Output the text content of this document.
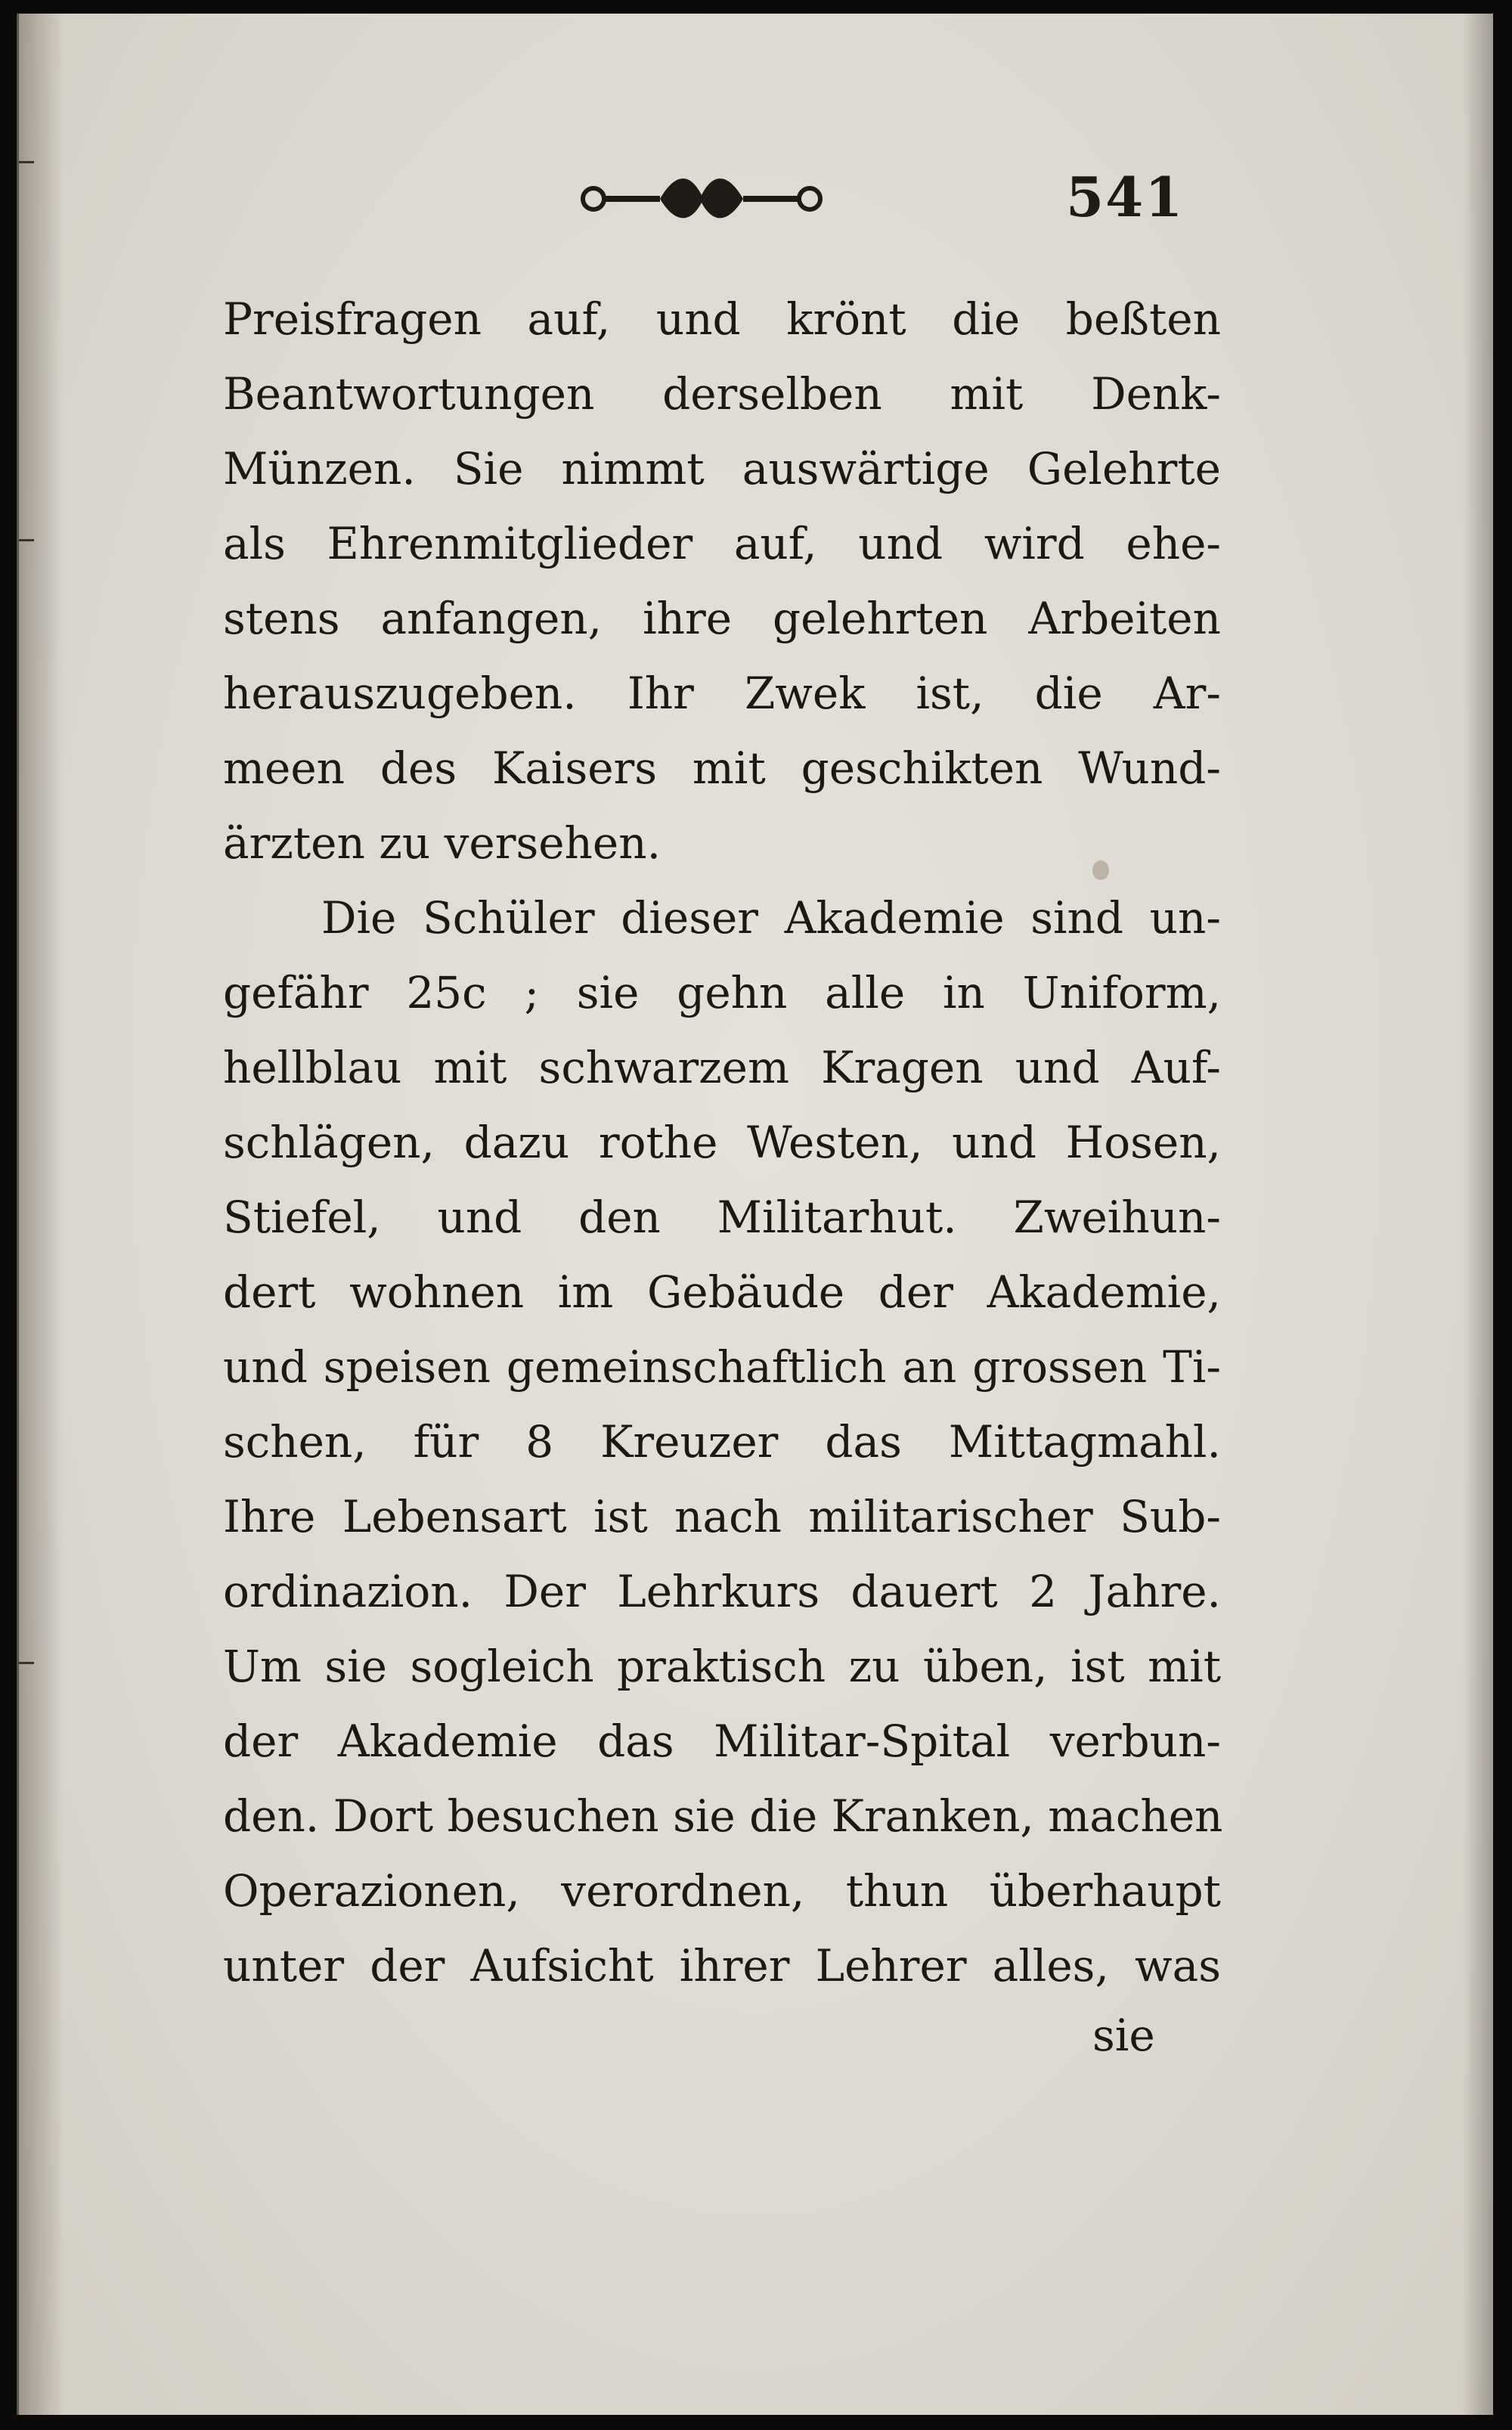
541
Preisfragen auf, und krönt die beßten
Beantwortungen derselben mit Denk-
Münzen. Sie nimmt auswärtige Gelehrte
als Ehrenmitglieder auf, und wird ehe-
stens anfangen, ihre gelehrten Arbeiten
herauszugeben. Ihr Zwek ist, die Ar-
meen des Kaisers mit geschikten Wund-
ärzten zu versehen.
Die Schüler dieser Akademie sind un-
gefähr 25c ; sie gehn alle in Uniform,
hellblau mit schwarzem Kragen und Auf-
schlägen, dazu rothe Westen, und Hosen,
Stiefel, und den Militarhut. Zweihun-
dert wohnen im Gebäude der Akademie,
und speisen gemeinschaftlich an grossen Ti-
schen, für 8 Kreuzer das Mittagmahl.
Ihre Lebensart ist nach militarischer Sub-
ordinazion. Der Lehrkurs dauert 2 Jahre.
Um sie sogleich praktisch zu üben, ist mit
der Akademie das Militar-Spital verbun-
den. Dort besuchen sie die Kranken, machen
Operazionen, verordnen, thun überhaupt
unter der Aufsicht ihrer Lehrer alles, was
sie
